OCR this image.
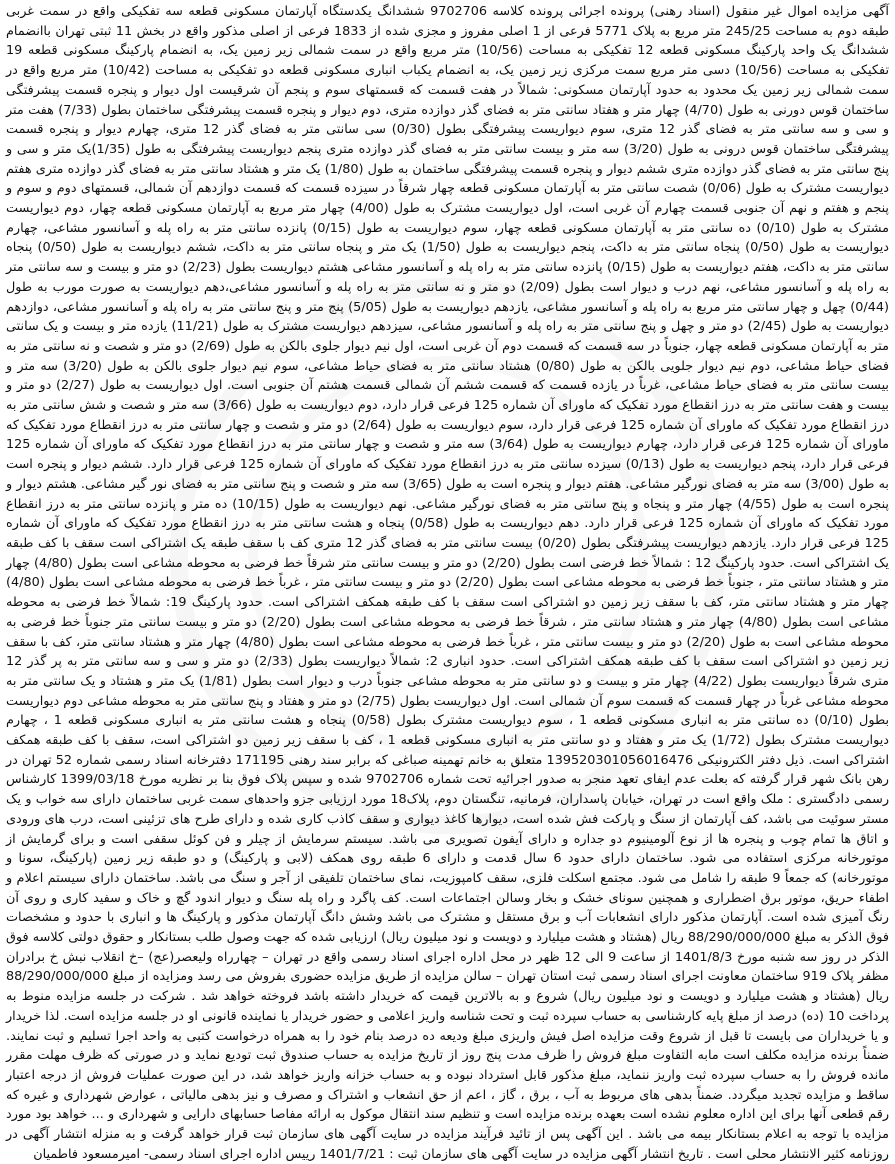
آگهی مزایده اموال غیر منقول (اسناد رهنی) پرونده اجرائی پرونده کلاسه 9702706 ششدانگ یکدستگاه آپارتمان مسکونی قطعه سه تفکیکی واقع در سمت غربی طبقه دوم به مساحت 245/25 متر مربع به پلاک 5771 فرعی از 1 اصلی مفروز و مجزی شده از 1833 فرعی از اصلی مذکور واقع در بخش 11 ثبتی تهران باانضمام ششدانگ یک واحد پارکینگ مسکونی قطعه 12 تفکیکی به مساحت (10/56) متر مربع واقع در سمت شمالی زیر زمین یک، به انضمام پارکینگ مسکونی قطعه 19 تفکیکی به مساحت (10/56) دسی متر مربع سمت مرکزی زیر زمین یک، به انضمام یکباب انباری مسکونی قطعه دو تفکیکی به مساحت (10/42) متر مربع واقع در سمت شمالی زیر زمین یک محدود به حدود آپارتمان مسکونی: شمالاً در هفت قسمت که قسمتهای سوم و پنجم آن شرقیست اول دیوار و پنجره قسمت پیشرفتگی ساختمان قوس دورنی به طول (4/70) چهار متر و هفتاد سانتی متر به فضای گذر دوازده متری، دوم دیوار و پنجره قسمت پیشرفتگی ساختمان بطول (7/33) هفت متر و سی و سه سانتی متر به فضای گذر 12 متری، سوم دیواریست پیشرفتگی بطول (0/30) سی سانتی متر به فضای گذر 12 متری، چهارم دیوار و پنجره قسمت پیشرفتگی ساختمان قوس درونی به طول (3/20) سه متر و بیست سانتی متر به فضای گذر دوازده متری پنجم دیواریست پیشرفتگی به طول (1/35)یک متر و سی و پنج سانتی متر به فضای گذر دوازده متری ششم دیوار و پنجره قسمت پیشرفتگی ساختمان به طول (1/80) یک متر و هشتاد سانتی متر به فضای گذر دوازده متری هفتم دیواریست مشترک به طول (0/06) شصت سانتی متر به آپارتمان مسکونی قطعه چهار شرقاً در سیزده قسمت که قسمت دوازدهم آن شمالی، قسمتهای دوم و سوم و پنجم و هفتم و نهم آن جنوبی قسمت چهارم آن غربی است، اول دیواریست مشترک به طول (4/00) چهار متر مربع به آپارتمان مسکونی قطعه چهار، دوم دیواریست مشترک به طول (0/10) ده سانتی متر به آپارتمان مسکونی قطعه چهار، سوم دیواریست به طول (0/15) پانزده سانتی متر به راه پله و آسانسور مشاعی، چهارم دیواریست به طول (0/50) پنجاه سانتی متر به داکت، پنجم دیواریست به طول (1/50) یک متر و پنجاه سانتی متر به داکت، ششم دیواریست به طول (0/50) پنجاه سانتی متر به داکت، هفتم دیواریست به طول (0/15) پانزده سانتی متر به راه پله و آسانسور مشاعی هشتم دیواریست بطول (2/23) دو متر و بیست و سه سانتی متر به راه پله و آسانسور مشاعی، نهم درب و دیوار است بطول (2/09) دو متر و نه سانتی متر به راه پله و آسانسور مشاعی،دهم دیواریست به صورت مورب به طول (0/44) چهل و چهار سانتی متر مربع به راه پله و آسانسور مشاعی، یازدهم دیواریست به طول (5/05) پنج متر و پنج سانتی متر به راه پله و آسانسور مشاعی، دوازدهم دیواریست به طول (2/45) دو متر و چهل و پنج سانتی متر به راه پله و آسانسور مشاعی، سیزدهم دیواریست مشترک به طول (11/21) یازده متر و بیست و یک سانتی متر به آپارتمان مسکونی قطعه چهار، جنوباً در سه قسمت که قسمت دوم آن غربی است، اول نیم دیوار جلوی بالکن به طول (2/69) دو متر و شصت و نه سانتی متر به فضای حیاط مشاعی، دوم نیم دیوار جلویی بالکن به طول (0/80) هشتاد سانتی متر به فضای حیاط مشاعی، سوم نیم دیوار جلوی بالکن به طول (3/20) سه متر و بیست سانتی متر به فضای حیاط مشاعی، غرباً در یازده قسمت که قسمت ششم آن شمالی قسمت هشتم آن جنوبی است. اول دیواریست به طول (2/27) دو متر و بیست و هفت سانتی متر به درز انقطاع مورد تفکیک که ماورای آن شماره 125 فرعی قرار دارد، دوم دیواریست به طول (3/66) سه متر و شصت و شش سانتی متر به درز انقطاع مورد تفکیک که ماورای آن شماره 125 فرعی قرار دارد، سوم دیواریست به طول (2/64) دو متر و شصت و چهار سانتی متر به درز انقطاع مورد تفکیک که ماورای آن شماره 125 فرعی قرار دارد، چهارم دیواریست به طول (3/64) سه متر و شصت و چهار سانتی متر به درز انقطاع مورد تفکیک که ماورای آن شماره 125 فرعی قرار دارد، پنجم دیواریست به طول (0/13) سیزده سانتی متر به درز انقطاع مورد تفکیک که ماورای آن شماره 125 فرعی قرار دارد. ششم دیوار و پنجره است به طول (3/00) سه متر به فضای نورگیر مشاعی. هفتم دیوار و پنجره است به طول (3/65) سه متر و شصت و پنج سانتی متر به فضای نور گیر مشاعی. هشتم دیوار و پنجره است به طول (4/55) چهار متر و پنجاه و پنج سانتی متر به فضای نورگیر مشاعی. نهم دیواریست به طول (10/15) ده متر و پانزده سانتی متر به درز انقطاع مورد تفکیک که ماورای آن شماره 125 فرعی قرار دارد. دهم دیواریست به طول (0/58) پنجاه و هشت سانتی متر به درز انقطاع مورد تفکیک که ماورای آن شماره 125 فرعی قرار دارد. یازدهم دیواریست پیشرفتگی بطول (0/20) بیست سانتی متر به فضای گذر 12 متری کف با سقف طبقه یک اشتراکی است سقف با کف طبقه یک اشتراکی است. حدود پارکینگ 12 : شمالاً خط فرضی است بطول (2/20) دو متر و بیست سانتی متر شرقاً خط فرضی به محوطه مشاعی است بطول (4/80) چهار متر و هشتاد سانتی متر ، جنوباً خط فرضی به محوطه مشاعی است بطول (2/20) دو متر و بیست سانتی متر ، غرباً خط فرضی به محوطه مشاعی است بطول (4/80) چهار متر و هشتاد سانتی متر، کف با سقف زیر زمین دو اشتراکی است سقف با کف طبقه همکف اشتراکی است. حدود پارکینگ 19: شمالاً خط فرضی به محوطه مشاعی است بطول (4/80) چهار متر و هشتاد سانتی متر ، شرقاً خط فرضی به محوطه مشاعی است بطول (2/20) دو متر و بیست سانتی متر جنوباً خط فرضی به محوطه مشاعی است به طول (2/20) دو متر و بیست سانتی متر ، غرباً خط فرضی به محوطه مشاعی است بطول (4/80) چهار متر و هشتاد سانتی متر، کف با سقف زیر زمین دو اشتراکی است سقف با کف طبقه همکف اشتراکی است. حدود انباری 2: شمالاً دیواریست بطول (2/33) دو متر و سی و سه سانتی متر به پر گذر 12 متری شرقاً دیواریست بطول (4/22) چهار متر و بیست و دو سانتی متر به محوطه مشاعی جنوباً درب و دیوار است بطول (1/81) یک متر و هشتاد و یک سانتی متر به محوطه مشاعی غرباً در چهار قسمت که قسمت سوم آن شمالی است. اول دیواریست بطول (2/75) دو متر و هفتاد و پنج سانتی متر به محوطه مشاعی دوم دیواریست بطول (0/10) ده سانتی متر به انباری مسکونی قطعه 1 ، سوم دیواریست مشترک بطول (0/58) پنجاه و هشت سانتی متر به انباری مسکونی قطعه 1 ، چهارم دیواریست مشترک بطول (1/72) یک متر و هفتاد و دو سانتی متر به انباری مسکونی قطعه 1 ، کف با سقف زیر زمین دو اشتراکی است، سقف با کف طبقه همکف اشتراکی است. ذیل دفتر الکترونیکی 139520301056016476 متعلق به خانم تهمینه صباغی که برابر سند رهنی 171195 دفترخانه اسناد رسمی شماره 52 تهران در رهن بانک شهر قرار گرفته که بعلت عدم ایفای تعهد منجر به صدور اجرائیه تحت شماره 9702706 شده و سپس پلاک فوق بنا بر نظریه مورخ 1399/03/18 کارشناس رسمی دادگستری : ملک واقع است در تهران، خیابان پاسداران، فرمانیه، تنگستان دوم، پلاک18 مورد ارزیابی جزو واحدهای سمت غربی ساختمان دارای سه خواب و یک مستر سوئیت می باشد، کف آپارتمان از سنگ و پارکت فش شده است، دیوارها کاغذ دیواری و سقف کاذب کاری شده و دارای طرح های تزئینی است، درب های ورودی و اتاق ها تمام چوب و پنجره ها از نوع آلومینیوم دو جداره و دارای آیفون تصویری می باشد. سیستم سرمایش از چیلر و فن کوئل سقفی است و برای گرمایش از موتورخانه مرکزی استفاده می شود. ساختمان دارای حدود 6 سال قدمت و دارای 6 طبقه روی همکف (لابی و پارکینگ) و دو طبقه زیر زمین (پارکینگ، سونا و موتورخانه) که جمعاً 9 طبقه را شامل می شود. مجتمع اسکلت فلزی، سقف کامپوزیت، نمای ساختمان تلفیقی از آجر و سنگ می باشد. ساختمان دارای سیستم اعلام و اطفاء حریق، موتور برق اضطراری و همچنین سونای خشک و بخار وسالن اجتماعات است. کف پاگرد و راه پله سنگ و دیوار اندود گچ و خاک و سفید کاری و روی آن رنگ آمیزی شده است. آپارتمان مذکور دارای انشعابات آب و برق مستقل و مشترک می باشد وشش دانگ آپارتمان مذکور و پارکینگ ها و انباری با حدود و مشخصات فوق الذکر به مبلغ 88/290/000/000 ریال (هشتاد و هشت میلیارد و دویست و نود میلیون ریال) ارزیابی شده که جهت وصول طلب بستانکار و حقوق دولتی کلاسه فوق الذکر در روز سه شنبه مورخ 1401/8/3 از ساعت 9 الی 12 ظهر در محل اداره اجرای اسناد رسمی واقع در تهران – چهارراه ولیعصر(عج) –خ انقلاب نبش خ برادران مظفر پلاک 919 ساختمان معاونت اجرای اسناد رسمی ثبت استان تهران – سالن مزایده از طریق مزایده حضوری بفروش می رسد ومزایده از مبلغ 88/290/000/000 ریال (هشتاد و هشت میلیارد و دویست و نود میلیون ریال) شروع و به بالاترین قیمت که خریدار داشته باشد فروخته خواهد شد . شرکت در جلسه مزایده منوط به پرداخت 10 (ده) درصد از مبلغ پایه کارشناسی به حساب سپرده ثبت و تحت شناسه واریز اعلامی و حضور خریدار یا نماینده قانونی او در جلسه مزایده است. لذا خریدار و یا خریداران می بایست تا قبل از شروع وقت مزایده اصل فیش واریزی مبلغ ودیعه ده درصد بنام خود را به همراه درخواست کتبی به واحد اجرا تسلیم و ثبت نمایند. ضمناً برنده مزایده مکلف است مابه التفاوت مبلغ فروش را ظرف مدت پنج روز از تاریخ مزایده به حساب صندوق ثبت تودیع نماید و در صورتی که ظرف مهلت مقرر مانده فروش را به حساب سپرده ثبت واریز ننماید، مبلغ مذکور قابل استرداد نبوده و به حساب خزانه واریز خواهد شد، در این صورت عملیات فروش از درجه اعتبار ساقط و مزایده تجدید میگردد. ضمناً بدهی های مربوط به آب ، برق ، گاز ، اعم از حق انشعاب و اشتراک و مصرف و نیز بدهی مالیاتی ، عوارض شهرداری و غیره که رقم قطعی آنها برای این اداره معلوم نشده است بعهده برنده مزایده است و تنظیم سند انتقال موکول به ارائه مفاصا حسابهای دارایی و شهرداری و ... خواهد بود مورد مزایده با توجه به اعلام بستانکار بیمه می باشد . این آگهی پس از تائید فرآیند مزایده در سایت آگهی های سازمان ثبت قرار خواهد گرفت و به منزله انتشار آگهی در روزنامه کثیر الانتشار محلی است . تاریخ انتشار آگهی مزایده در سایت آگهی های سازمان ثبت : 1401/7/21 رییس اداره اجرای اسناد رسمی- امیرمسعود فاطمیان
